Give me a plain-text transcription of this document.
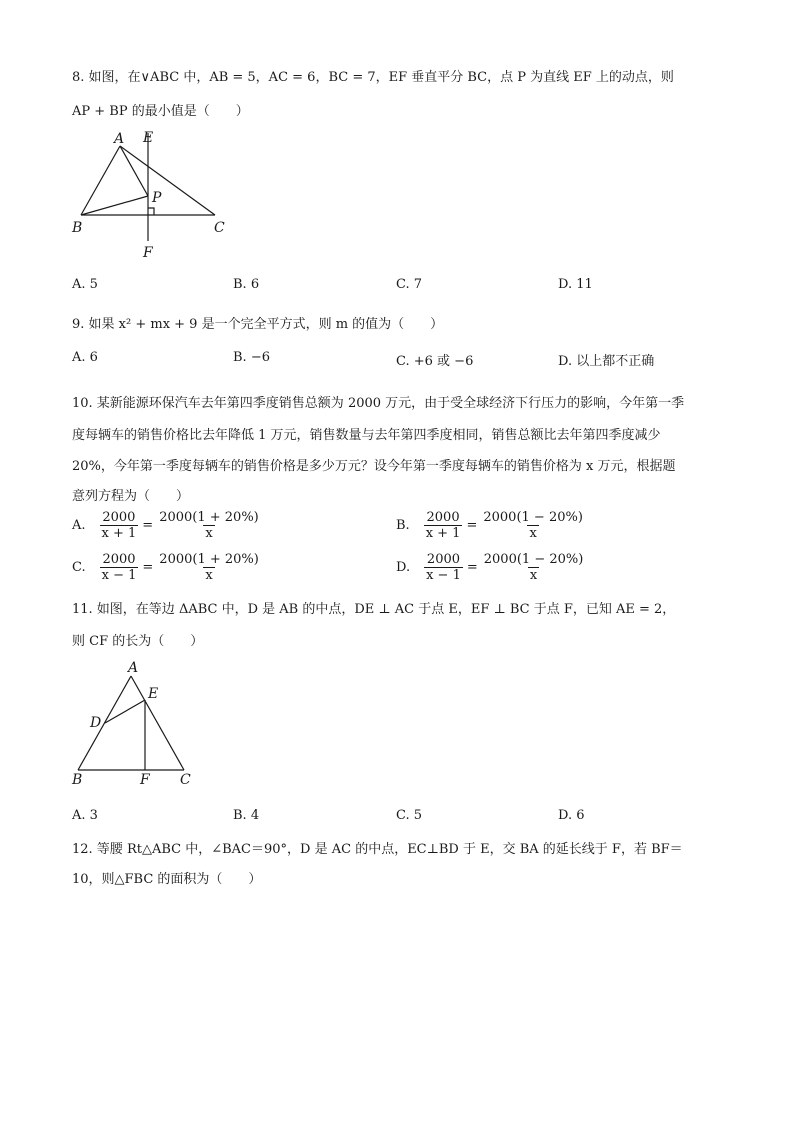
8. 如图，在∨ABC 中，AB = 5，AC = 6，BC = 7，EF 垂直平分 BC，点 P 为直线 EF 上的动点，则
AP + BP 的最小值是（　　）
A E
P
B	C
F
A. 5	B. 6	C. 7	D. 11
9. 如果 x² + mx + 9 是一个完全平方式，则 m 的值为（　　）
A. 6	B. −6	C. +6 或 −6	D. 以上都不正确
10. 某新能源环保汽车去年第四季度销售总额为 2000 万元，由于受全球经济下行压力的影响，今年第一季
度每辆车的销售价格比去年降低 1 万元，销售数量与去年第四季度相同，销售总额比去年第四季度减少
20%，今年第一季度每辆车的销售价格是多少万元？设今年第一季度每辆车的销售价格为 x 万元，根据题
意列方程为（　　）
A. $\frac{2000}{x + 1} = \frac{2000(1 + 20\%)}{x}$	B. $\frac{2000}{x + 1} = \frac{2000(1 - 20\%)}{x}$
C. $\frac{2000}{x - 1} = \frac{2000(1 + 20\%)}{x}$	D. $\frac{2000}{x - 1} = \frac{2000(1 - 20\%)}{x}$
11. 如图，在等边 ΔABC 中，D 是 AB 的中点，DE ⊥ AC 于点 E，EF ⊥ BC 于点 F，已知 AE = 2，
则 CF 的长为（　　）
A
E
D
B	F C
A. 3	B. 4	C. 5	D. 6
12. 等腰 Rt△ABC 中，∠BAC＝90°，D 是 AC 的中点，EC⊥BD 于 E，交 BA 的延长线于 F，若 BF＝
10，则△FBC 的面积为（　　）
